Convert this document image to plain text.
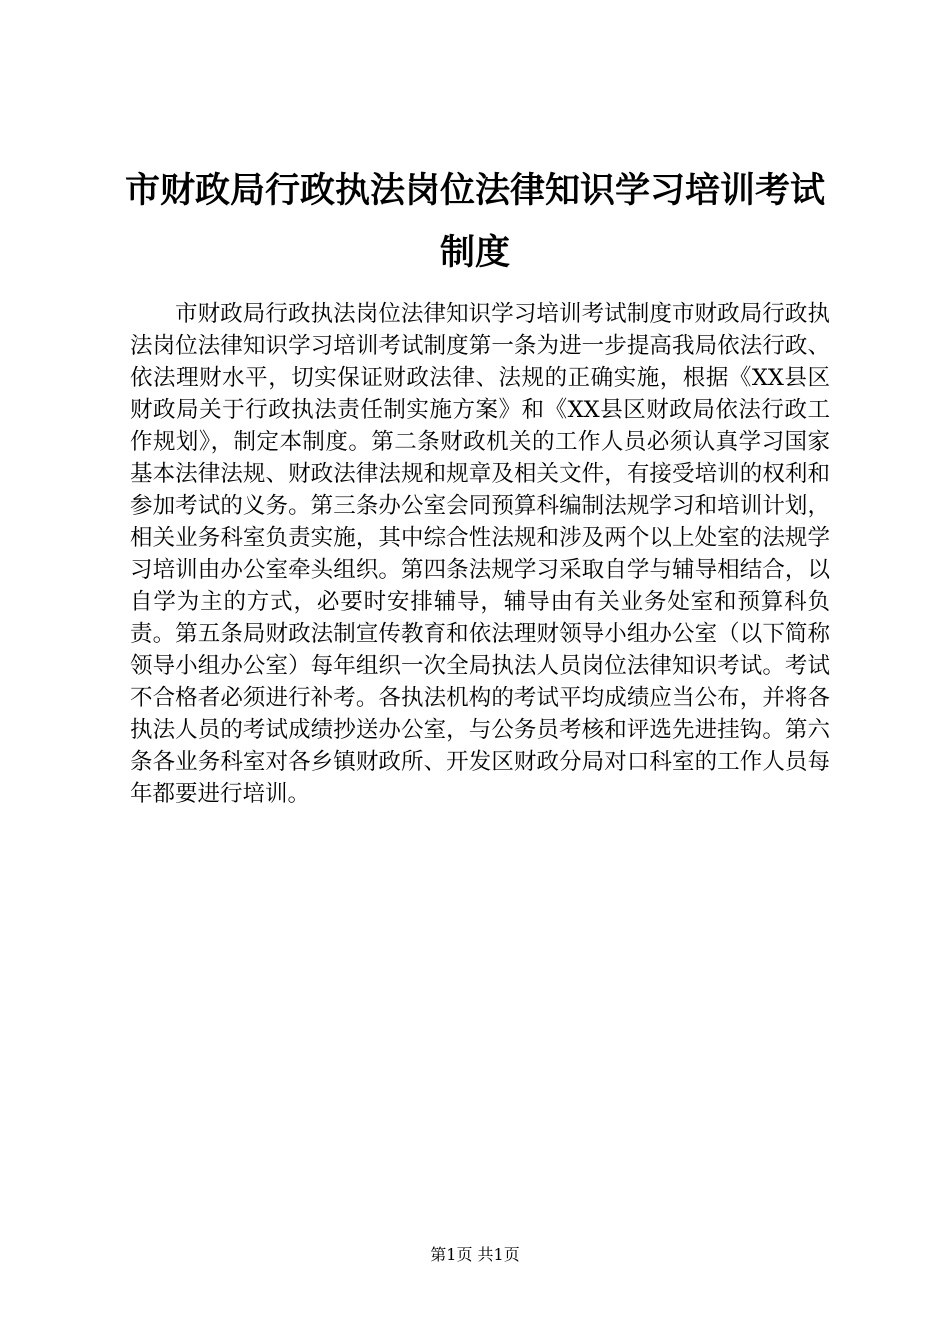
市财政局行政执法岗位法律知识学习培训考试制度

市财政局行政执法岗位法律知识学习培训考试制度市财政局行政执法岗位法律知识学习培训考试制度第一条为进一步提高我局依法行政、依法理财水平，切实保证财政法律、法规的正确实施，根据《XX县区财政局关于行政执法责任制实施方案》和《XX县区财政局依法行政工作规划》，制定本制度。第二条财政机关的工作人员必须认真学习国家基本法律法规、财政法律法规和规章及相关文件，有接受培训的权利和参加考试的义务。第三条办公室会同预算科编制法规学习和培训计划，相关业务科室负责实施，其中综合性法规和涉及两个以上处室的法规学习培训由办公室牵头组织。第四条法规学习采取自学与辅导相结合，以自学为主的方式，必要时安排辅导，辅导由有关业务处室和预算科负责。第五条局财政法制宣传教育和依法理财领导小组办公室（以下简称领导小组办公室）每年组织一次全局执法人员岗位法律知识考试。考试不合格者必须进行补考。各执法机构的考试平均成绩应当公布，并将各执法人员的考试成绩抄送办公室，与公务员考核和评选先进挂钩。第六条各业务科室对各乡镇财政所、开发区财政分局对口科室的工作人员每年都要进行培训。

第1页 共1页
